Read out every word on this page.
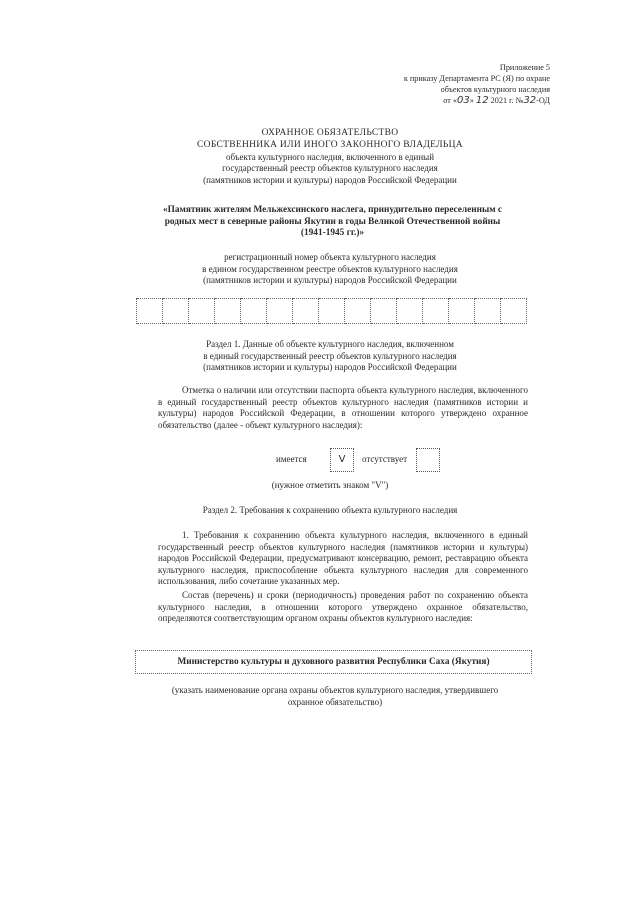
Приложение 5
к приказу Департамента РС (Я) по охране
объектов культурного наследия
от «03» 12 2021 г. №32-ОД
ОХРАННОЕ ОБЯЗАТЕЛЬСТВО
СОБСТВЕННИКА ИЛИ ИНОГО ЗАКОННОГО ВЛАДЕЛЬЦА
объекта культурного наследия, включенного в единый
государственный реестр объектов культурного наследия
(памятников истории и культуры) народов Российской Федерации
«Памятник жителям Мельжехсинского наслега, принудительно переселенным с
родных мест в северные районы Якутии в годы Великой Отечественной войны
(1941-1945 гг.)»
регистрационный номер объекта культурного наследия
в едином государственном реестре объектов культурного наследия
(памятников истории и культуры) народов Российской Федерации
Раздел 1. Данные об объекте культурного наследия, включенном
в единый государственный реестр объектов культурного наследия
(памятников истории и культуры) народов Российской Федерации
Отметка о наличии или отсутствии паспорта объекта культурного наследия, включенного в единый государственный реестр объектов культурного наследия (памятников истории и культуры) народов Российской Федерации, в отношении которого утверждено охранное обязательство (далее - объект культурного наследия):
имеется	V	отсутствует
(нужное отметить знаком "V")
Раздел 2. Требования к сохранению объекта культурного наследия
1. Требования к сохранению объекта культурного наследия, включенного в единый государственный реестр объектов культурного наследия (памятников истории и культуры) народов Российской Федерации, предусматривают консервацию, ремонт, реставрацию объекта культурного наследия, приспособление объекта культурного наследия для современного использования, либо сочетание указанных мер.
Состав (перечень) и сроки (периодичность) проведения работ по сохранению объекта культурного наследия, в отношении которого утверждено охранное обязательство, определяются соответствующим органом охраны объектов культурного наследия:
Министерство культуры и духовного развития Республики Саха (Якутия)
(указать наименование органа охраны объектов культурного наследия, утвердившего
охранное обязательство)
